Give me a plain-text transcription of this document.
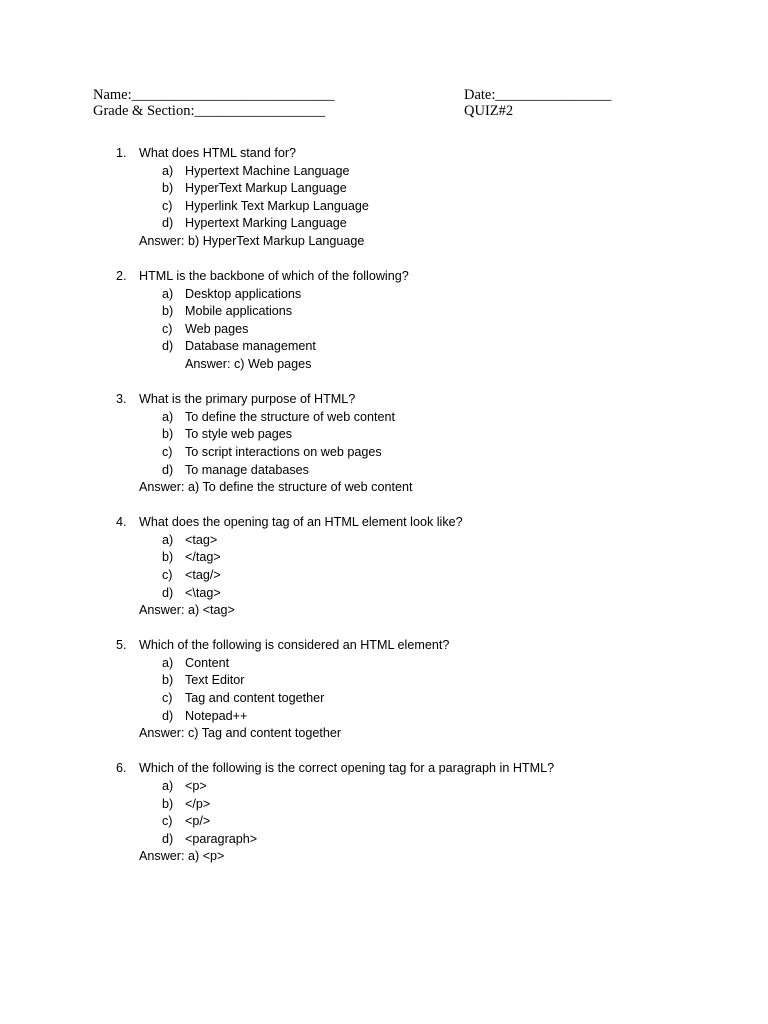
Name:____________________________	Date:________________
Grade & Section:__________________	QUIZ#2

1.

What does HTML stand for?

a)

Hypertext Machine Language

b)

HyperText Markup Language

c)

Hyperlink Text Markup Language

d)

Hypertext Marking Language

Answer: b) HyperText Markup Language

2.

HTML is the backbone of which of the following?

a)

Desktop applications

b)

Mobile applications

c)

Web pages

d)

Database management

Answer: c) Web pages

3.

What is the primary purpose of HTML?

a)

To define the structure of web content

b)

To style web pages

c)

To script interactions on web pages

d)

To manage databases

Answer: a) To define the structure of web content

4.

What does the opening tag of an HTML element look like?

a)

<tag>

b)

</tag>

c)

<tag/>

d)

<\tag>

Answer: a) <tag>

5.

Which of the following is considered an HTML element?

a)

Content

b)

Text Editor

c)

Tag and content together

d)

Notepad++

Answer: c) Tag and content together

6.

Which of the following is the correct opening tag for a paragraph in HTML?

a)

<p>

b)

</p>

c)

<p/>

d)

<paragraph>

Answer: a) <p>
